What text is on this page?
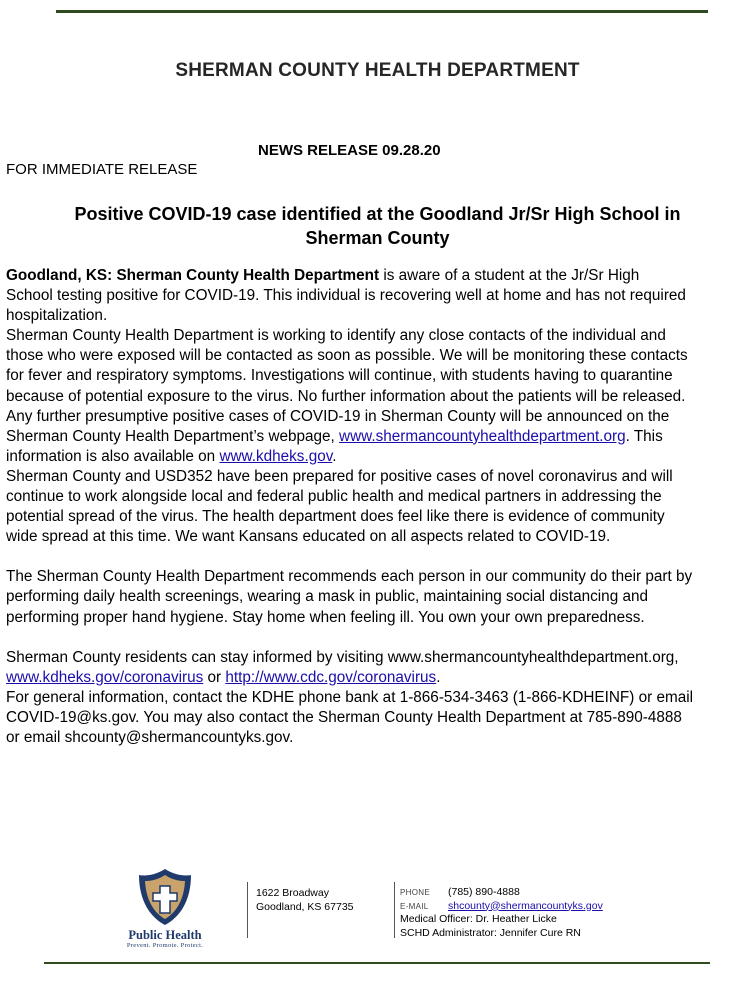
SHERMAN COUNTY HEALTH DEPARTMENT
NEWS RELEASE 09.28.20
FOR IMMEDIATE RELEASE
Positive COVID-19 case identified at the Goodland Jr/Sr High School in
Sherman County

Goodland, KS: Sherman County Health Department is aware of a student at the Jr/Sr High

School testing positive for COVID-19. This individual is recovering well at home and has not required

hospitalization.

Sherman County Health Department is working to identify any close contacts of the individual and

those who were exposed will be contacted as soon as possible. We will be monitoring these contacts

for fever and respiratory symptoms. Investigations will continue, with students having to quarantine

because of potential exposure to the virus. No further information about the patients will be released.

Any further presumptive positive cases of COVID-19 in Sherman County will be announced on the

Sherman County Health Department’s webpage, www.shermancountyhealthdepartment.org. This

information is also available on www.kdheks.gov.

Sherman County and USD352 have been prepared for positive cases of novel coronavirus and will

continue to work alongside local and federal public health and medical partners in addressing the

potential spread of the virus. The health department does feel like there is evidence of community

wide spread at this time. We want Kansans educated on all aspects related to COVID-19.

The Sherman County Health Department recommends each person in our community do their part by

performing daily health screenings, wearing a mask in public, maintaining social distancing and

performing proper hand hygiene. Stay home when feeling ill. You own your own preparedness.

Sherman County residents can stay informed by visiting www.shermancountyhealthdepartment.org,

www.kdheks.gov/coronavirus or http://www.cdc.gov/coronavirus.

For general information, contact the KDHE phone bank at 1-866-534-3463 (1-866-KDHEINF) or email

COVID-19@ks.gov. You may also contact the Sherman County Health Department at 785-890-4888

or email shcounty@shermancountyks.gov.

Public Health
Prevent. Promote. Protect.
1622 Broadway
Goodland, KS 67735
PHONE (785) 890-4888
E-MAIL shcounty@shermancountyks.gov
Medical Officer: Dr. Heather Licke
SCHD Administrator: Jennifer Cure RN
